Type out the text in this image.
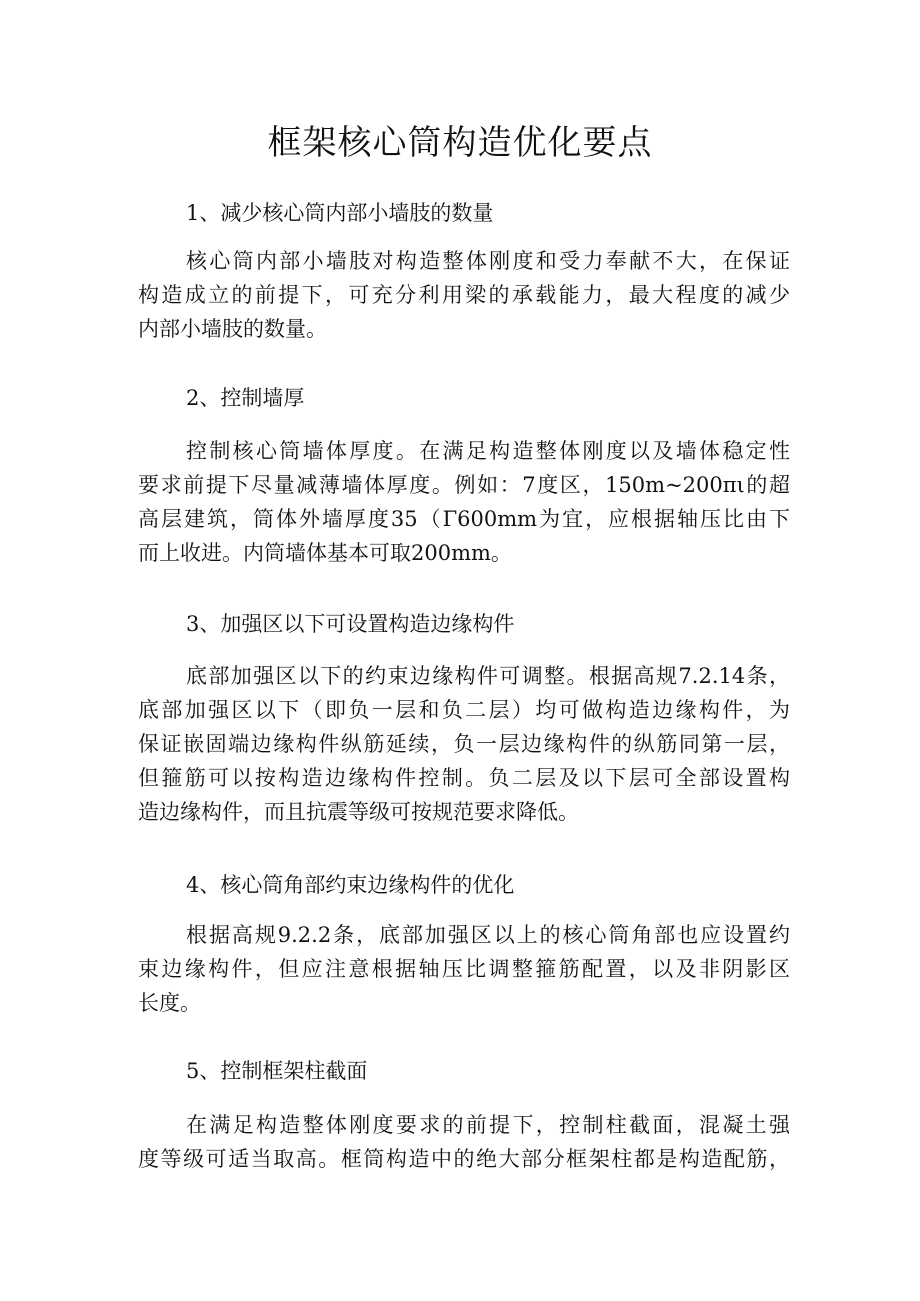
框架核心筒构造优化要点
1、减少核心筒内部小墙肢的数量
核心筒内部小墙肢对构造整体刚度和受力奉献不大，在保证
构造成立的前提下，可充分利用梁的承载能力，最大程度的减少
内部小墙肢的数量。
2、控制墙厚
控制核心筒墙体厚度。在满足构造整体刚度以及墙体稳定性
要求前提下尽量减薄墙体厚度。例如：7度区，150m~200πι的超
高层建筑，筒体外墙厚度35（Γ600mm为宜，应根据轴压比由下
而上收进。内筒墙体基本可取200mm。
3、加强区以下可设置构造边缘构件
底部加强区以下的约束边缘构件可调整。根据高规7.2.14条，
底部加强区以下（即负一层和负二层）均可做构造边缘构件，为
保证嵌固端边缘构件纵筋延续，负一层边缘构件的纵筋同第一层，
但箍筋可以按构造边缘构件控制。负二层及以下层可全部设置构
造边缘构件，而且抗震等级可按规范要求降低。
4、核心筒角部约束边缘构件的优化
根据高规9.2.2条，底部加强区以上的核心筒角部也应设置约
束边缘构件，但应注意根据轴压比调整箍筋配置，以及非阴影区
长度。
5、控制框架柱截面
在满足构造整体刚度要求的前提下，控制柱截面，混凝土强
度等级可适当取高。框筒构造中的绝大部分框架柱都是构造配筋，
